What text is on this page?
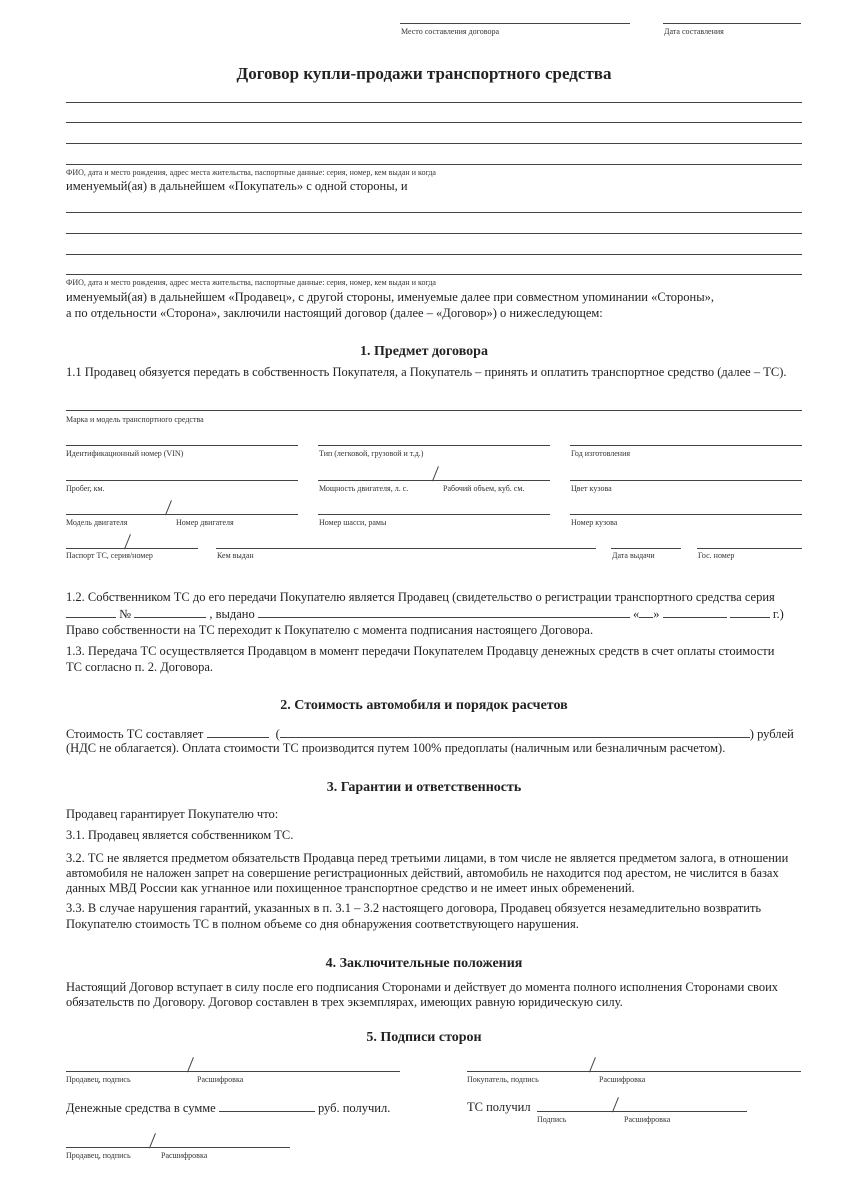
Место составления договора	Дата составления
Договор купли-продажи транспортного средства
ФИО, дата и место рождения, адрес места жительства, паспортные данные: серия, номер, кем выдан и когда
именуемый(ая) в дальнейшем «Покупатель» с одной стороны, и
ФИО, дата и место рождения, адрес места жительства, паспортные данные: серия, номер, кем выдан и когда
именуемый(ая) в дальнейшем «Продавец», с другой стороны, именуемые далее при совместном упоминании «Стороны»,
а по отдельности «Сторона», заключили настоящий договор (далее – «Договор») о нижеследующем:
1. Предмет договора
1.1 Продавец обязуется передать в собственность Покупателя, а Покупатель – принять и оплатить транспортное средство (далее – ТС).
Марка и модель транспортного средства
Идентификационный номер (VIN)	Тип (легковой, грузовой и т.д.)	Год изготовления
Пробег, км.	Мощность двигателя, л. с.	Рабочий объем, куб. см.	Цвет кузова
Модель двигателя	Номер двигателя	Номер шасси, рамы	Номер кузова
Паспорт ТС, серия/номер	Кем выдан	Дата выдачи	Гос. номер
1.2. Собственником ТС до его передачи Покупателю является Продавец (свидетельство о регистрации транспортного средства серия
№	, выдано	« »	г.)
Право собственности на ТС переходит к Покупателю с момента подписания настоящего Договора.
1.3. Передача ТС осуществляется Продавцом в момент передачи Покупателем Продавцу денежных средств в счет оплаты стоимости
ТС согласно п. 2. Договора.
2. Стоимость автомобиля и порядок расчетов
Стоимость ТС составляет	(	) рублей
(НДС не облагается). Оплата стоимости ТС производится путем 100% предоплаты (наличным или безналичным расчетом).
3. Гарантии и ответственность
Продавец гарантирует Покупателю что:
3.1. Продавец является собственником ТС.
3.2. ТС не является предметом обязательств Продавца перед третьими лицами, в том числе не является предметом залога, в отношении
автомобиля не наложен запрет на совершение регистрационных действий, автомобиль не находится под арестом, не числится в базах
данных МВД России как угнанное или похищенное транспортное средство и не имеет иных обременений.
3.3. В случае нарушения гарантий, указанных в п. 3.1 – 3.2 настоящего договора, Продавец обязуется незамедлительно возвратить
Покупателю стоимость ТС в полном объеме со дня обнаружения соответствующего нарушения.
4. Заключительные положения
Настоящий Договор вступает в силу после его подписания Сторонами и действует до момента полного исполнения Сторонами своих
обязательств по Договору. Договор составлен в трех экземплярах, имеющих равную юридическую силу.
5. Подписи сторон
Продавец, подпись	Расшифровка	Покупатель, подпись	Расшифровка
Денежные средства в сумме	руб. получил.	ТС получил
Подпись	Расшифровка
Продавец, подпись	Расшифровка
